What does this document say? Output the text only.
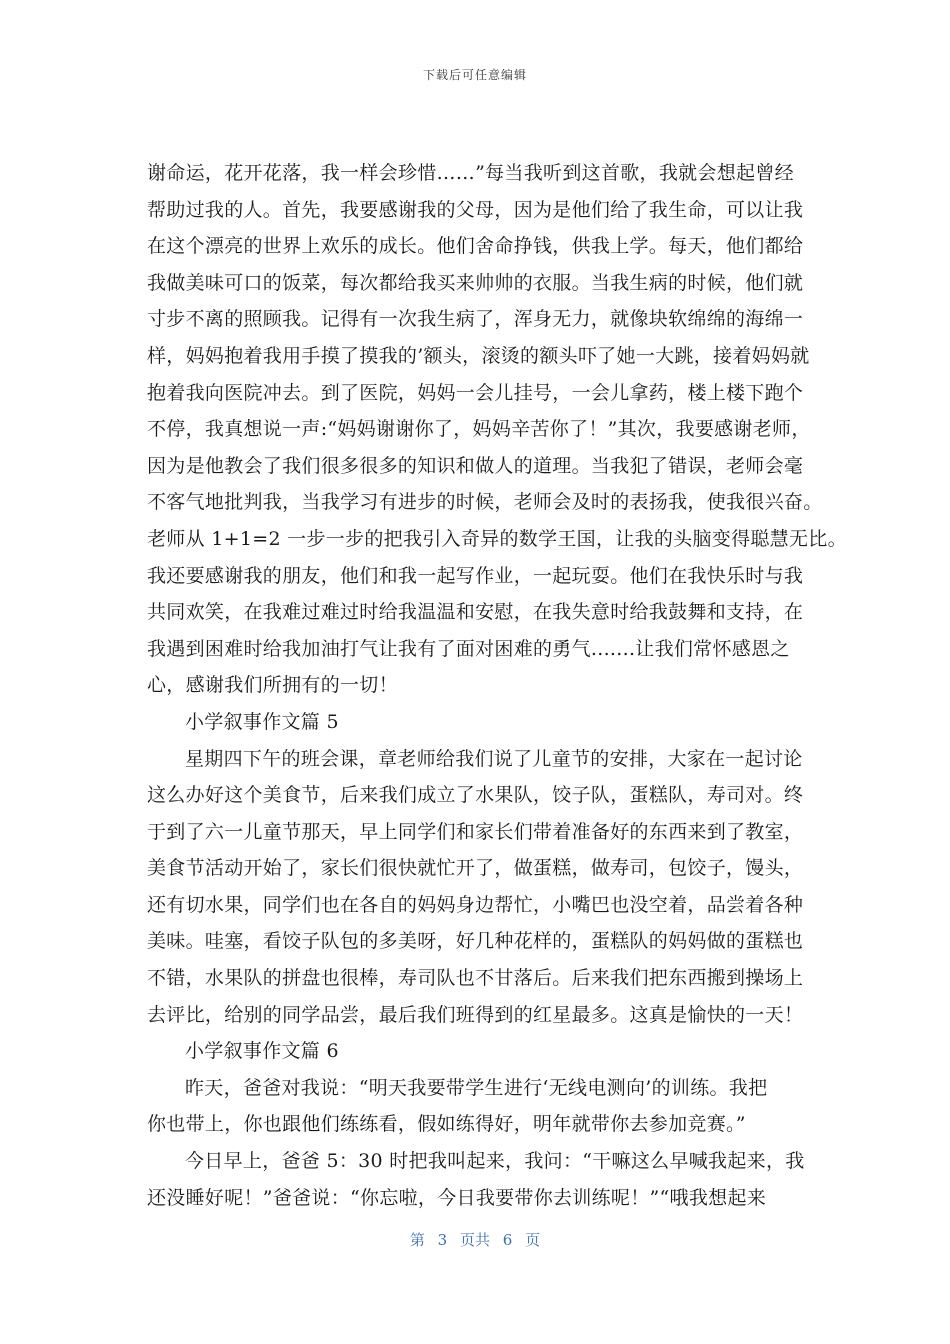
下载后可任意编辑
谢命运，花开花落，我一样会珍惜……”每当我听到这首歌，我就会想起曾经
帮助过我的人。首先，我要感谢我的父母，因为是他们给了我生命，可以让我
在这个漂亮的世界上欢乐的成长。他们舍命挣钱，供我上学。每天，他们都给
我做美味可口的饭菜，每次都给我买来帅帅的衣服。当我生病的时候，他们就
寸步不离的照顾我。记得有一次我生病了，浑身无力，就像块软绵绵的海绵一
样，妈妈抱着我用手摸了摸我的’额头，滚烫的额头吓了她一大跳，接着妈妈就
抱着我向医院冲去。到了医院，妈妈一会儿挂号，一会儿拿药，楼上楼下跑个
不停，我真想说一声:“妈妈谢谢你了，妈妈辛苦你了！”其次，我要感谢老师，
因为是他教会了我们很多很多的知识和做人的道理。当我犯了错误，老师会毫
不客气地批判我，当我学习有进步的时候，老师会及时的表扬我，使我很兴奋。
老师从 1+1=2 一步一步的把我引入奇异的数学王国，让我的头脑变得聪慧无比。
我还要感谢我的朋友，他们和我一起写作业，一起玩耍。他们在我快乐时与我
共同欢笑，在我难过难过时给我温温和安慰，在我失意时给我鼓舞和支持，在
我遇到困难时给我加油打气让我有了面对困难的勇气.......让我们常怀感恩之
心，感谢我们所拥有的一切！
小学叙事作文篇 5
星期四下午的班会课，章老师给我们说了儿童节的安排，大家在一起讨论
这么办好这个美食节，后来我们成立了水果队，饺子队，蛋糕队，寿司对。终
于到了六一儿童节那天，早上同学们和家长们带着准备好的东西来到了教室，
美食节活动开始了，家长们很快就忙开了，做蛋糕，做寿司，包饺子，馒头，
还有切水果，同学们也在各自的妈妈身边帮忙，小嘴巴也没空着，品尝着各种
美味。哇塞，看饺子队包的多美呀，好几种花样的，蛋糕队的妈妈做的蛋糕也
不错，水果队的拼盘也很棒，寿司队也不甘落后。后来我们把东西搬到操场上
去评比，给别的同学品尝，最后我们班得到的红星最多。这真是愉快的一天！
小学叙事作文篇 6
昨天，爸爸对我说：“明天我要带学生进行‘无线电测向’的训练。我把
你也带上，你也跟他们练练看，假如练得好，明年就带你去参加竞赛。”
今日早上，爸爸 5：30 时把我叫起来，我问：“干嘛这么早喊我起来，我
还没睡好呢！”爸爸说：“你忘啦，今日我要带你去训练呢！”“哦我想起来
第 3 页共 6 页
